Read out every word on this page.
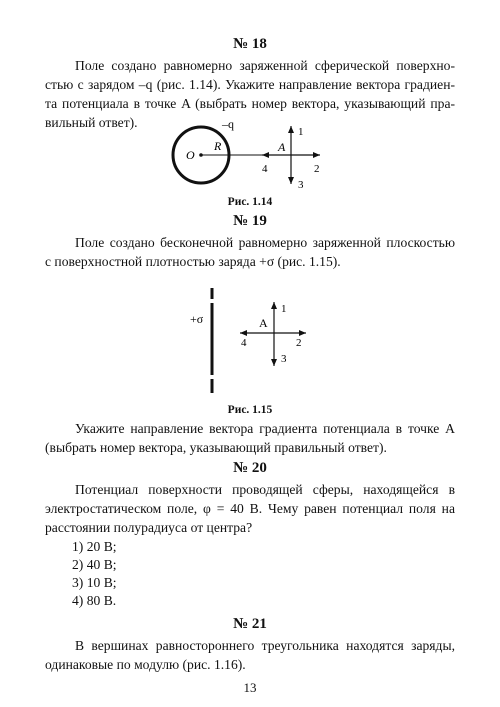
№ 18
Поле создано равномерно заряженной сферической поверхно-
стью с зарядом –q (рис. 1.14). Укажите направление вектора градиен-
та потенциала в точке A (выбрать номер вектора, указывающий пра-
вильный ответ).	–q
O
R	A
1
2
3
4
Рис. 1.14
№ 19
Поле создано бесконечной равномерно заряженной плоскостью
с поверхностной плотностью заряда +σ (рис. 1.15).
+σ	A
1
2
3
4
Рис. 1.15
Укажите направление вектора градиента потенциала в точке A
(выбрать номер вектора, указывающий правильный ответ).
№ 20
Потенциал поверхности проводящей сферы, находящейся в
электростатическом поле, φ = 40 В. Чему равен потенциал поля на
расстоянии полурадиуса от центра?
1) 20 В;
2) 40 В;
3) 10 В;
4) 80 В.
№ 21
В вершинах равностороннего треугольника находятся заряды,
одинаковые по модулю (рис. 1.16).
13
